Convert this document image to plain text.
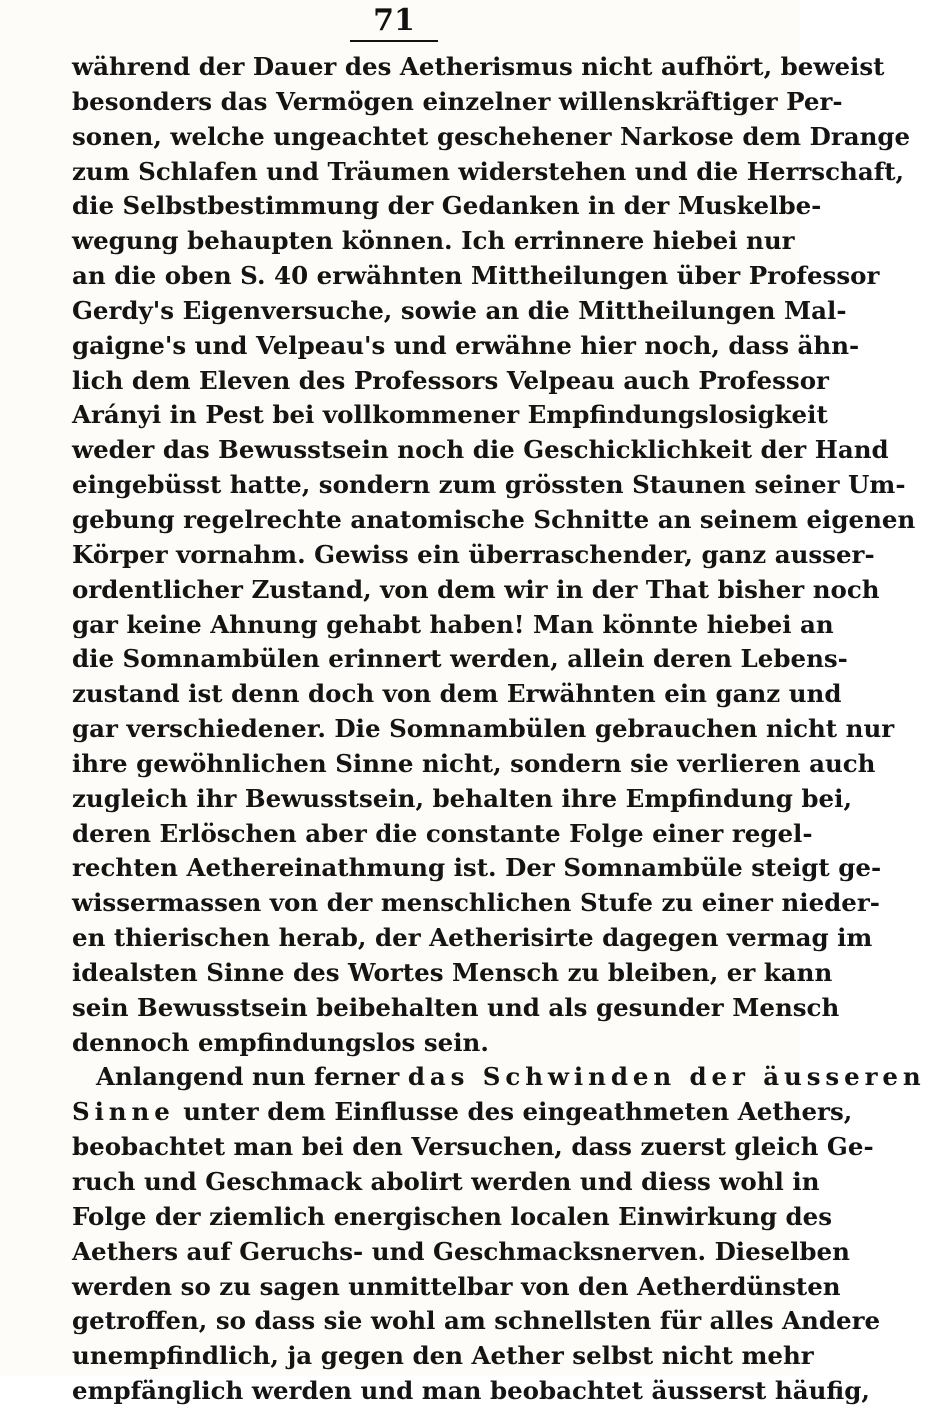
71
während der Dauer des Aetherismus nicht aufhört, beweist
besonders das Vermögen einzelner willenskräftiger Per-
sonen, welche ungeachtet geschehener Narkose dem Drange
zum Schlafen und Träumen widerstehen und die Herrschaft,
die Selbstbestimmung der Gedanken in der Muskelbe-
wegung behaupten können. Ich errinnere hiebei nur
an die oben S. 40 erwähnten Mittheilungen über Professor
Gerdy's Eigenversuche, sowie an die Mittheilungen Mal-
gaigne's und Velpeau's und erwähne hier noch, dass ähn-
lich dem Eleven des Professors Velpeau auch Professor
Arányi in Pest bei vollkommener Empfindungslosigkeit
weder das Bewusstsein noch die Geschicklichkeit der Hand
eingebüsst hatte, sondern zum grössten Staunen seiner Um-
gebung regelrechte anatomische Schnitte an seinem eigenen
Körper vornahm. Gewiss ein überraschender, ganz ausser-
ordentlicher Zustand, von dem wir in der That bisher noch
gar keine Ahnung gehabt haben! Man könnte hiebei an
die Somnambülen erinnert werden, allein deren Lebens-
zustand ist denn doch von dem Erwähnten ein ganz und
gar verschiedener. Die Somnambülen gebrauchen nicht nur
ihre gewöhnlichen Sinne nicht, sondern sie verlieren auch
zugleich ihr Bewusstsein, behalten ihre Empfindung bei,
deren Erlöschen aber die constante Folge einer regel-
rechten Aethereinathmung ist. Der Somnambüle steigt ge-
wissermassen von der menschlichen Stufe zu einer nieder-
en thierischen herab, der Aetherisirte dagegen vermag im
idealsten Sinne des Wortes Mensch zu bleiben, er kann
sein Bewusstsein beibehalten und als gesunder Mensch
dennoch empfindungslos sein.
Anlangend nun ferner das Schwinden der äusseren
Sinne unter dem Einflusse des eingeathmeten Aethers,
beobachtet man bei den Versuchen, dass zuerst gleich Ge-
ruch und Geschmack abolirt werden und diess wohl in
Folge der ziemlich energischen localen Einwirkung des
Aethers auf Geruchs- und Geschmacksnerven. Dieselben
werden so zu sagen unmittelbar von den Aetherdünsten
getroffen, so dass sie wohl am schnellsten für alles Andere
unempfindlich, ja gegen den Aether selbst nicht mehr
empfänglich werden und man beobachtet äusserst häufig,
